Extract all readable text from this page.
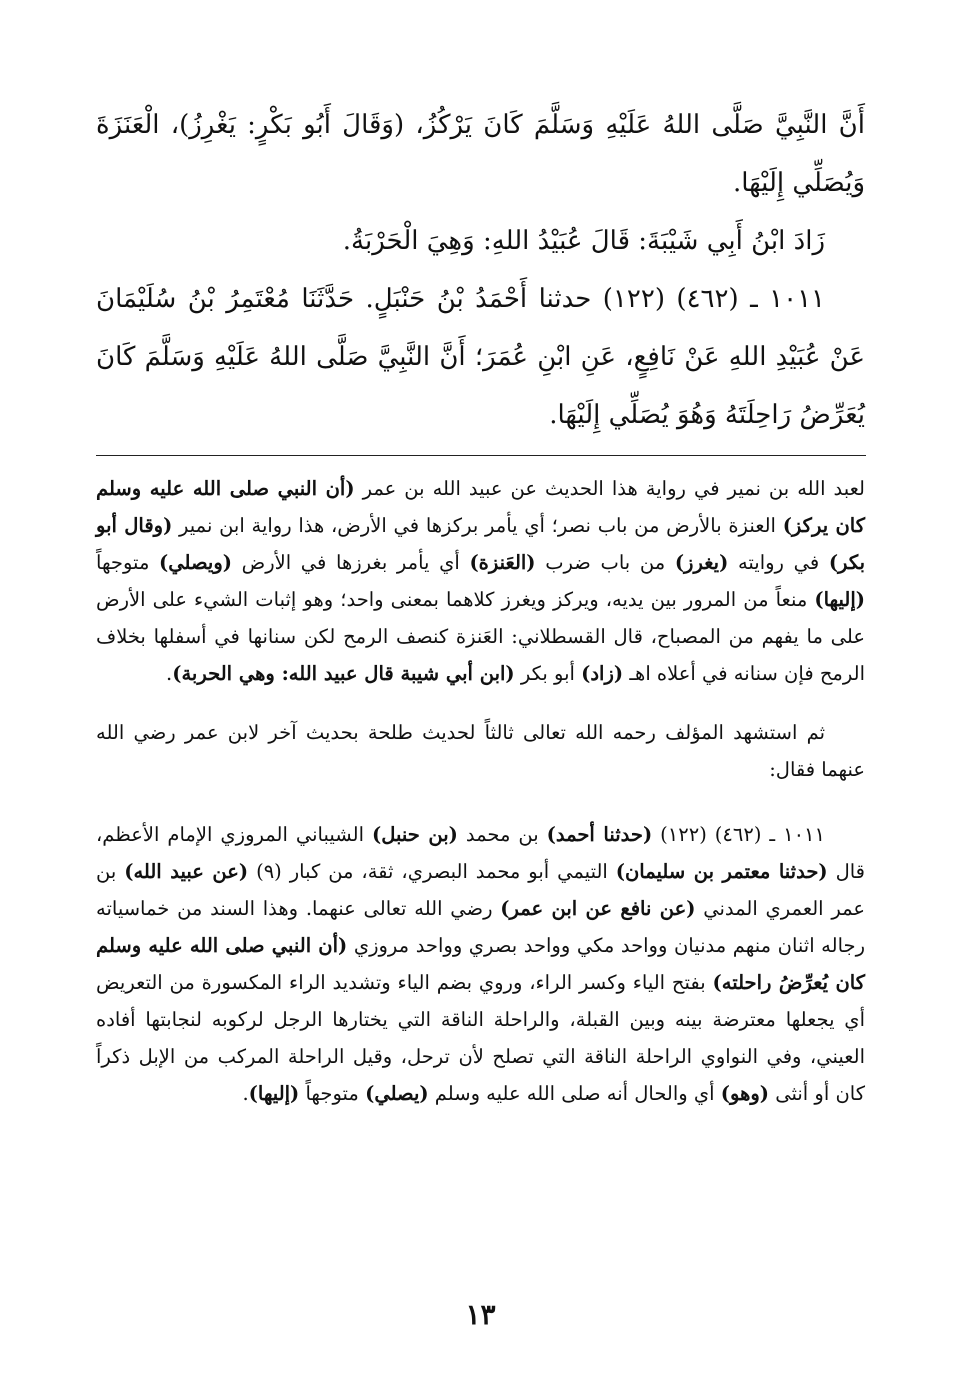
أَنَّ النَّبِيَّ صَلَّى اللهُ عَلَيْهِ وَسَلَّمَ كَانَ يَرْكُزُ، (وَقَالَ أَبُو بَكْرٍ: يَغْرِزُ)، الْعَنَزَةَ وَيُصَلِّي إِلَيْهَا.

زَادَ ابْنُ أَبِي شَيْبَةَ: قَالَ عُبَيْدُ اللهِ: وَهِيَ الْحَرْبَةُ.

١٠١١ ـ (٤٦٢) (١٢٢) حدثنا أَحْمَدُ بْنُ حَنْبَلٍ. حَدَّثَنَا مُعْتَمِرُ بْنُ سُلَيْمَانَ عَنْ عُبَيْدِ اللهِ عَنْ نَافِعٍ، عَنِ ابْنِ عُمَرَ؛ أَنَّ النَّبِيَّ صَلَّى اللهُ عَلَيْهِ وَسَلَّمَ كَانَ يُعَرِّضُ رَاحِلَتَهُ وَهُوَ يُصَلِّي إِلَيْهَا.

لعبد الله بن نمير في رواية هذا الحديث عن عبيد الله بن عمر (أن النبي صلى الله عليه وسلم كان يركز) العنزة بالأرض من باب نصر؛ أي يأمر بركزها في الأرض، هذا رواية ابن نمير (وقال أبو بكر) في روايته (يغرز) من باب ضرب (العَنزة) أي يأمر بغرزها في الأرض (ويصلي) متوجهاً (إليها) منعاً من المرور بين يديه، ويركز ويغرز كلاهما بمعنى واحد؛ وهو إثبات الشيء على الأرض على ما يفهم من المصباح، قال القسطلاني: العَنزة كنصف الرمح لكن سنانها في أسفلها بخلاف الرمح فإن سنانه في أعلاه اهـ (زاد) أبو بكر (ابن أبي شيبة قال عبيد الله: وهي الحربة).

ثم استشهد المؤلف رحمه الله تعالى ثالثاً لحديث طلحة بحديث آخر لابن عمر رضي الله عنهما فقال:

١٠١١ ـ (٤٦٢) (١٢٢) (حدثنا أحمد) بن محمد (بن حنبل) الشيباني المروزي الإمام الأعظم، قال (حدثنا معتمر بن سليمان) التيمي أبو محمد البصري، ثقة، من كبار (٩) (عن عبيد الله) بن عمر العمري المدني (عن نافع عن ابن عمر) رضي الله تعالى عنهما. وهذا السند من خماسياته رجاله اثنان منهم مدنيان وواحد مكي وواحد بصري وواحد مروزي (أن النبي صلى الله عليه وسلم كان يُعرِّضُ راحلته) بفتح الياء وكسر الراء، وروي بضم الياء وتشديد الراء المكسورة من التعريض أي يجعلها معترضة بينه وبين القبلة، والراحلة الناقة التي يختارها الرجل لركوبه لنجابتها أفاده العيني، وفي النواوي الراحلة الناقة التي تصلح لأن ترحل، وقيل الراحلة المركب من الإبل ذكراً كان أو أنثى (وهو) أي والحال أنه صلى الله عليه وسلم (يصلي) متوجهاً (إليها).

١٣
